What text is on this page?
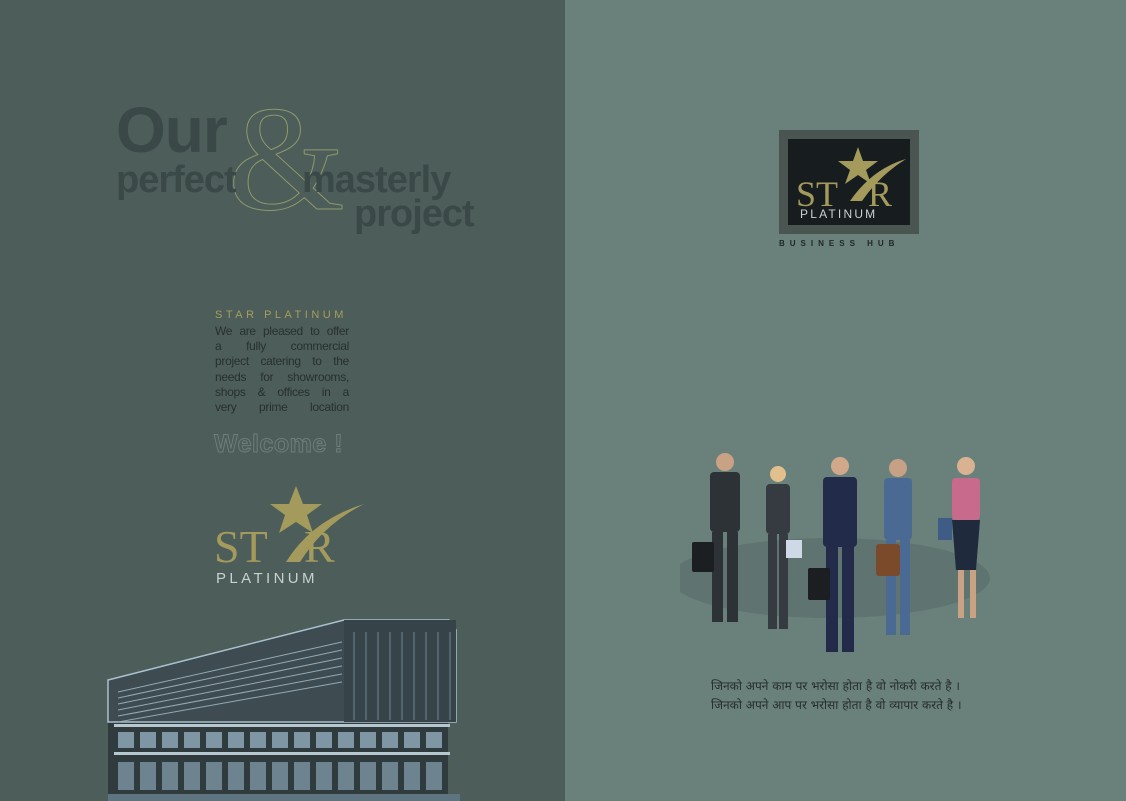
&
Our
perfect masterly
project
STAR PLATINUM
We are pleased to offer
a fully commercial
project catering to the
needs for showrooms,
shops & offices in a
very prime location
Welcome !
ST R
PLATINUM
ST R
PLATINUM
BUSINESS HUB
जिनको अपने काम पर भरोसा होता है वो नोकरी करते है ।
जिनको अपने आप पर भरोसा होता है वो व्यापार करते है ।
